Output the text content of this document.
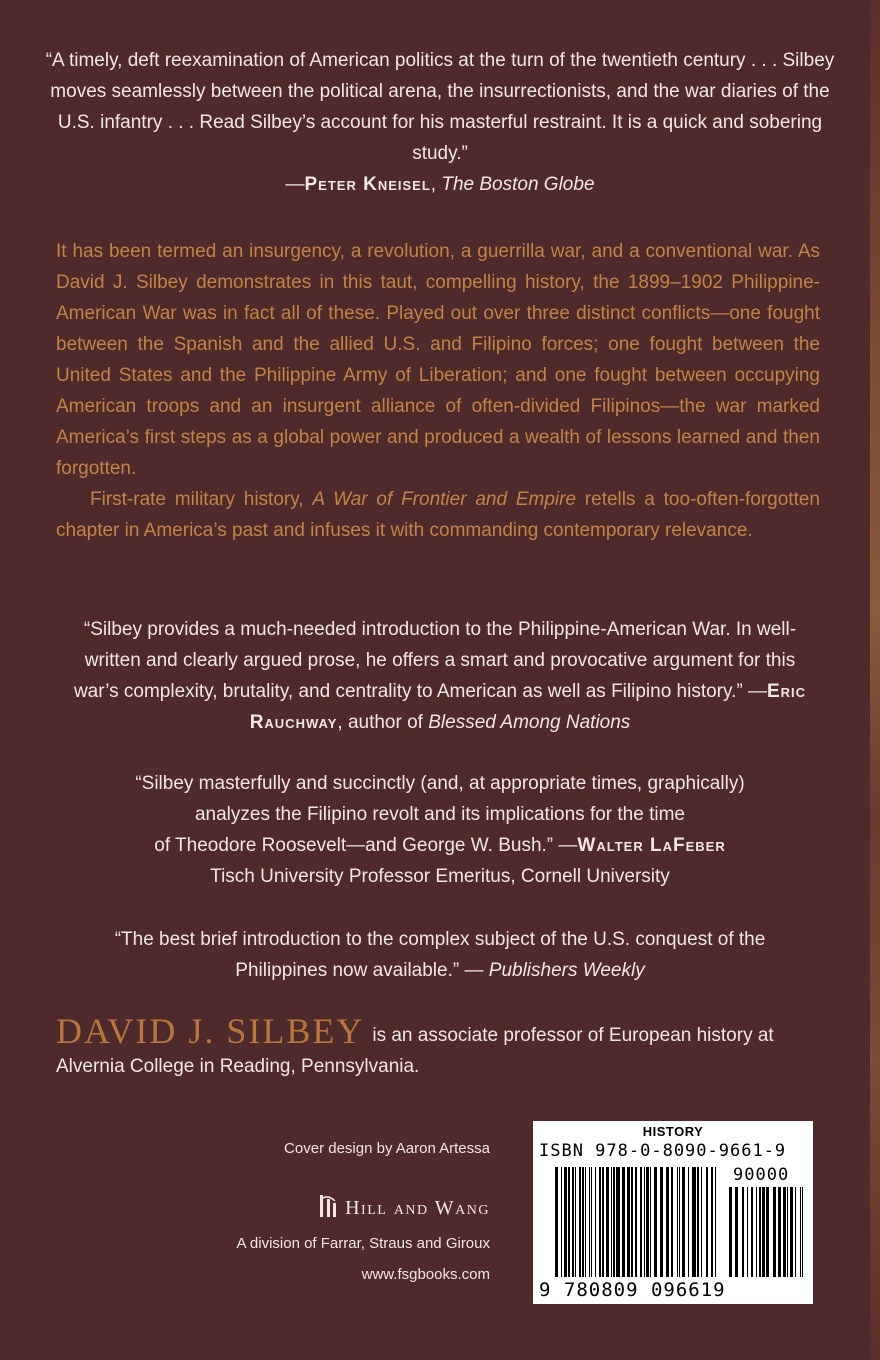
“A timely, deft reexamination of American politics at the turn of the twentieth century . . . Silbey moves seamlessly between the political arena, the insurrectionists, and the war diaries of the U.S. infantry . . . Read Silbey’s account for his masterful restraint. It is a quick and sobering study.”
—Peter Kneisel, The Boston Globe

It has been termed an insurgency, a revolution, a guerrilla war, and a conventional war. As David J. Silbey demonstrates in this taut, compelling history, the 1899–1902 Philippine-American War was in fact all of these. Played out over three distinct conflicts—one fought between the Spanish and the allied U.S. and Filipino forces; one fought between the United States and the Philippine Army of Liberation; and one fought between occupying American troops and an insurgent alliance of often-divided Filipinos—the war marked America’s first steps as a global power and produced a wealth of lessons learned and then forgotten.

First-rate military history, A War of Frontier and Empire retells a too-often-forgotten chapter in America’s past and infuses it with commanding contemporary relevance.

“Silbey provides a much-needed introduction to the Philippine-American War. In well-written and clearly argued prose, he offers a smart and provocative argument for this war’s complexity, brutality, and centrality to American as well as Filipino history.” —Eric Rauchway, author of Blessed Among Nations
“Silbey masterfully and succinctly (and, at appropriate times, graphically)
analyzes the Filipino revolt and its implications for the time
of Theodore Roosevelt—and George W. Bush.” —Walter LaFeber
Tisch University Professor Emeritus, Cornell University
“The best brief introduction to the complex subject of the U.S. conquest of the
Philippines now available.” — Publishers Weekly
DAVID J. SILBEY is an associate professor of European history at Alvernia College in Reading, Pennsylvania.
Cover design by Aaron Artessa
Hill and Wang
A division of Farrar, Straus and Giroux
www.fsgbooks.com
HISTORY
ISBN 978-0-8090-9661-9
90000
9 780809 096619
